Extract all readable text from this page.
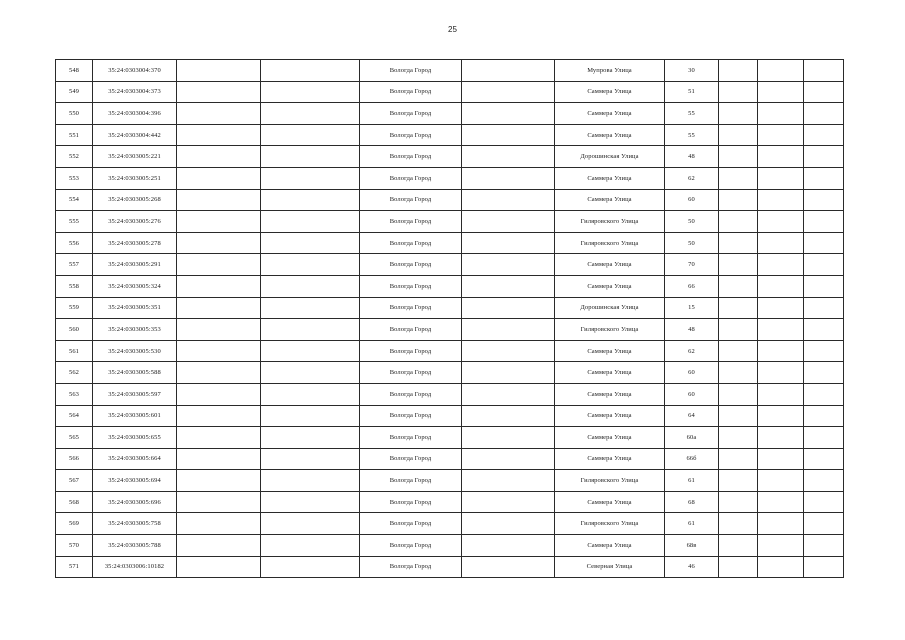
25
548	35:24:0303004:370			Вологда Город		Мупрова Улица	30			
549	35:24:0303004:373			Вологда Город		Саммера Улица	51			
550	35:24:0303004:396			Вологда Город		Саммера Улица	55			
551	35:24:0303004:442			Вологда Город		Саммера Улица	55			
552	35:24:0303005:221			Вологда Город		Дорошинская Улица	48			
553	35:24:0303005:251			Вологда Город		Саммера Улица	62			
554	35:24:0303005:268			Вологда Город		Саммера Улица	60			
555	35:24:0303005:276			Вологда Город		Гиляровского Улица	50			
556	35:24:0303005:278			Вологда Город		Гиляровского Улица	50			
557	35:24:0303005:291			Вологда Город		Саммера Улица	70			
558	35:24:0303005:324			Вологда Город		Саммера Улица	66			
559	35:24:0303005:351			Вологда Город		Дорошинская Улица	15			
560	35:24:0303005:353			Вологда Город		Гиляровского Улица	48			
561	35:24:0303005:530			Вологда Город		Саммера Улица	62			
562	35:24:0303005:588			Вологда Город		Саммера Улица	60			
563	35:24:0303005:597			Вологда Город		Саммера Улица	60			
564	35:24:0303005:601			Вологда Город		Саммера Улица	64			
565	35:24:0303005:655			Вологда Город		Саммера Улица	60а			
566	35:24:0303005:664			Вологда Город		Саммера Улица	66б			
567	35:24:0303005:694			Вологда Город		Гиляровского Улица	61			
568	35:24:0303005:696			Вологда Город		Саммера Улица	68			
569	35:24:0303005:758			Вологда Город		Гиляровского Улица	61			
570	35:24:0303005:788			Вологда Город		Саммера Улица	68в			
571	35:24:0303006:10182			Вологда Город		Северная Улица	46			
